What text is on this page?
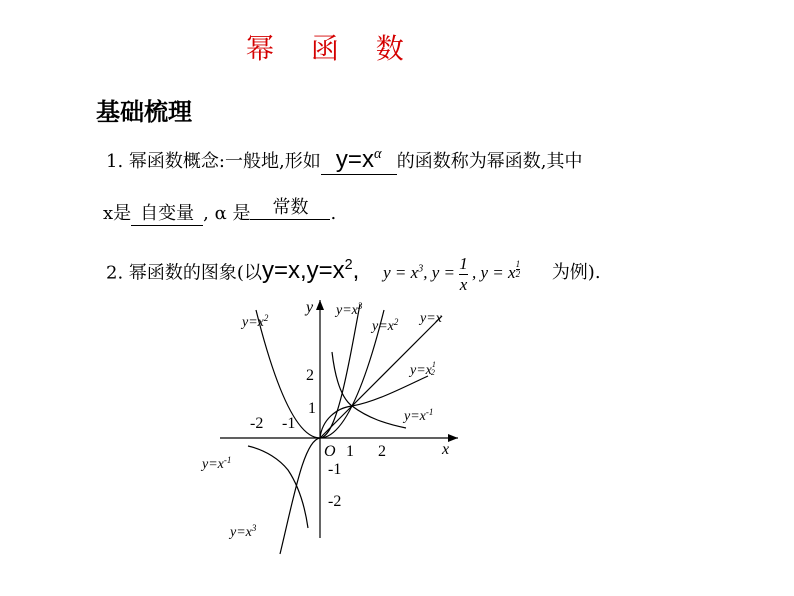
幂 函 数
基础梳理
1. 幂函数概念:一般地,形如 $y=x^\alpha$ 的函数称为幂函数,其中
x是 自变量 , α 是 常数 .
2. 幂函数的图象(以$y=x,y=x^2$, $y = x^3$, $y = \frac{1}{x}$ , y = x $^{\frac{1}{2}}$ 为例).
-2 -1
1 2
2
1
-1
-2
x
y
O
$y=x^2$	$y=x^3$
$y=x^2$ y=x
$y=x^1$ 2
$y=x^{-1}$
$y=x^{-1}$
$y=x^3$
